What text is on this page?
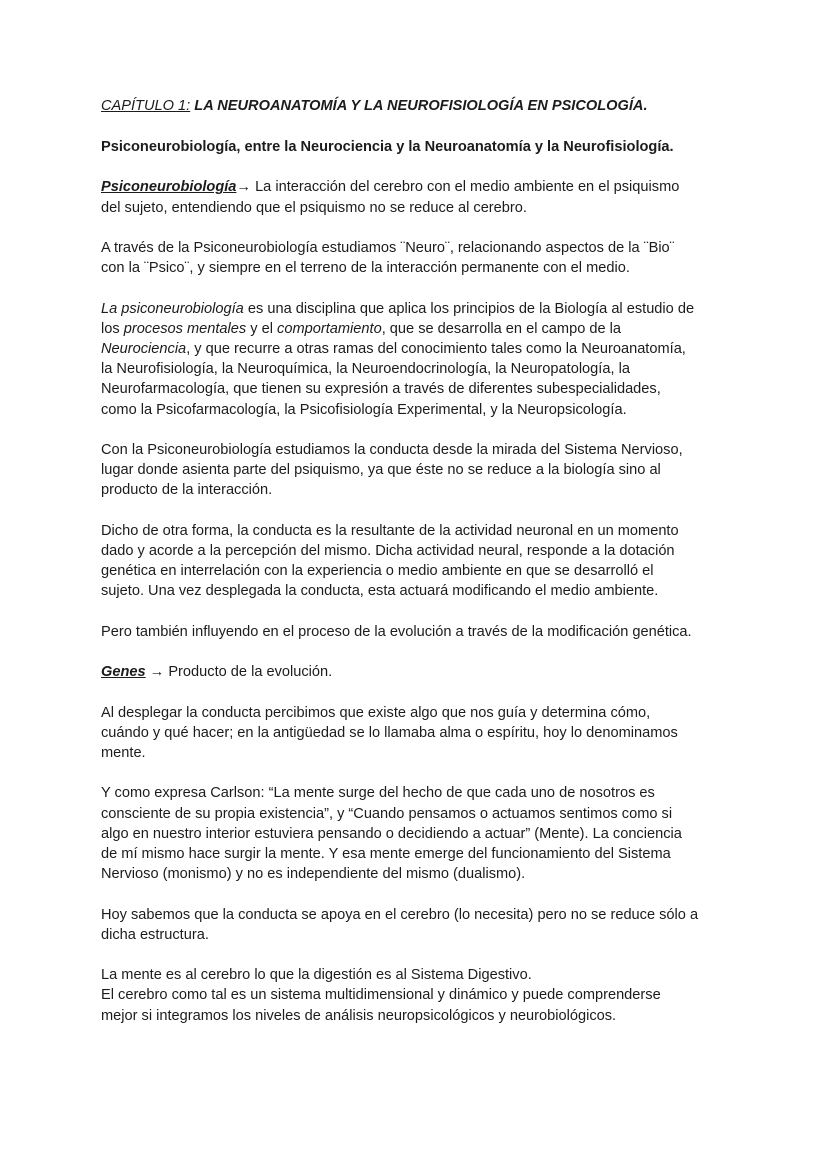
CAPÍTULO 1: LA NEUROANATOMÍA Y LA NEUROFISIOLOGÍA EN PSICOLOGÍA.
Psiconeurobiología, entre la Neurociencia y la Neuroanatomía y la Neurofisiología.

Psiconeurobiología→ La interacción del cerebro con el medio ambiente en el psiquismo
del sujeto, entendiendo que el psiquismo no se reduce al cerebro.

A través de la Psiconeurobiología estudiamos ¨Neuro¨, relacionando aspectos de la ¨Bio¨
con la ¨Psico¨, y siempre en el terreno de la interacción permanente con el medio.

La psiconeurobiología es una disciplina que aplica los principios de la Biología al estudio de
los procesos mentales y el comportamiento, que se desarrolla en el campo de la
Neurociencia, y que recurre a otras ramas del conocimiento tales como la Neuroanatomía,
la Neurofisiología, la Neuroquímica, la Neuroendocrinología, la Neuropatología, la
Neurofarmacología, que tienen su expresión a través de diferentes subespecialidades,
como la Psicofarmacología, la Psicofisiología Experimental, y la Neuropsicología.

Con la Psiconeurobiología estudiamos la conducta desde la mirada del Sistema Nervioso,
lugar donde asienta parte del psiquismo, ya que éste no se reduce a la biología sino al
producto de la interacción.

Dicho de otra forma, la conducta es la resultante de la actividad neuronal en un momento
dado y acorde a la percepción del mismo. Dicha actividad neural, responde a la dotación
genética en interrelación con la experiencia o medio ambiente en que se desarrolló el
sujeto. Una vez desplegada la conducta, esta actuará modificando el medio ambiente.

Pero también influyendo en el proceso de la evolución a través de la modificación genética.

Genes → Producto de la evolución.

Al desplegar la conducta percibimos que existe algo que nos guía y determina cómo,
cuándo y qué hacer; en la antigüedad se lo llamaba alma o espíritu, hoy lo denominamos
mente.

Y como expresa Carlson: “La mente surge del hecho de que cada uno de nosotros es
consciente de su propia existencia”, y “Cuando pensamos o actuamos sentimos como si
algo en nuestro interior estuviera pensando o decidiendo a actuar” (Mente). La conciencia
de mí mismo hace surgir la mente. Y esa mente emerge del funcionamiento del Sistema
Nervioso (monismo) y no es independiente del mismo (dualismo).

Hoy sabemos que la conducta se apoya en el cerebro (lo necesita) pero no se reduce sólo a
dicha estructura.

La mente es al cerebro lo que la digestión es al Sistema Digestivo.
El cerebro como tal es un sistema multidimensional y dinámico y puede comprenderse
mejor si integramos los niveles de análisis neuropsicológicos y neurobiológicos.
